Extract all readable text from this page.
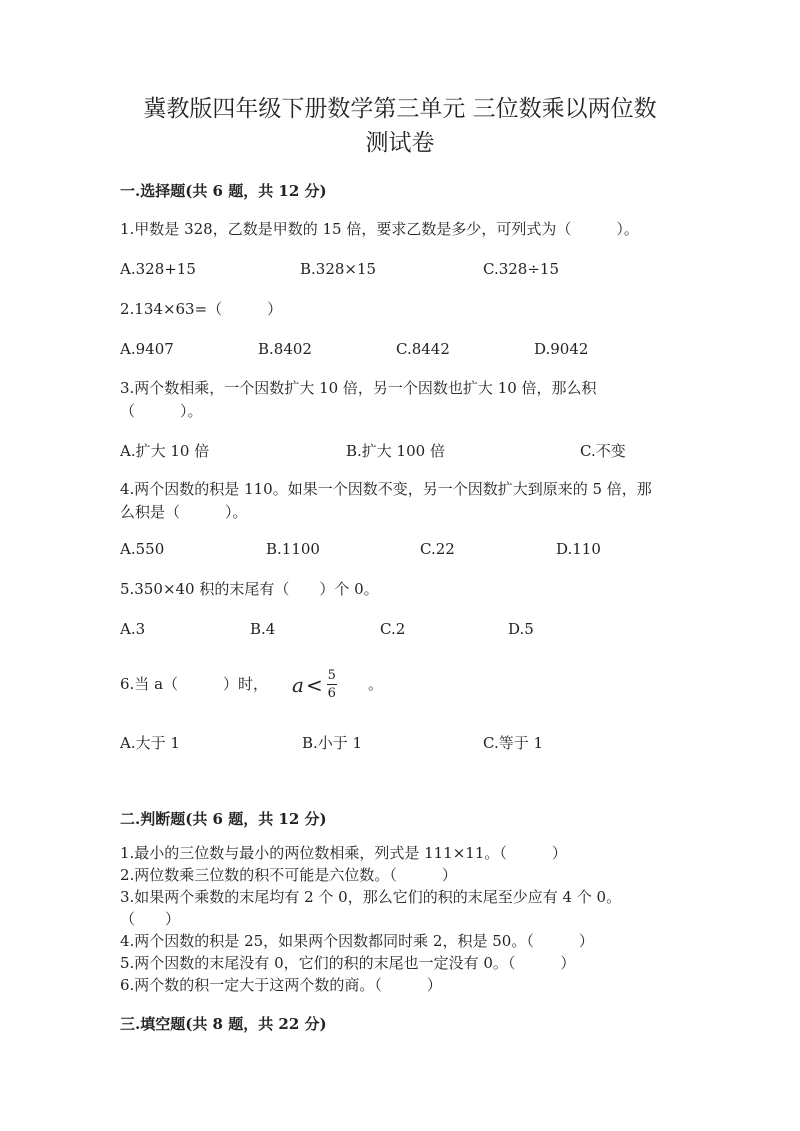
冀教版四年级下册数学第三单元 三位数乘以两位数
测试卷
一.选择题(共 6 题，共 12 分)
1.甲数是 328，乙数是甲数的 15 倍，要求乙数是多少，可列式为（　　　）。
A.328+15	B.328×15	C.328÷15
2.134×63=（　　　）
A.9407	B.8402	C.8442	D.9042
3.两个数相乘，一个因数扩大 10 倍，另一个因数也扩大 10 倍，那么积（　　　）。
A.扩大 10 倍	B.扩大 100 倍	C.不变
4.两个因数的积是 110。如果一个因数不变，另一个因数扩大到原来的 5 倍，那么积是（　　　）。
A.550	B.1100	C.22	D.110
5.350×40 积的末尾有（　　）个 0。
A.3	B.4	C.2	D.5
6.当 a（　　　）时，	$a < \frac{5}{6}$ 。
A.大于 1	B.小于 1	C.等于 1
二.判断题(共 6 题，共 12 分)
1.最小的三位数与最小的两位数相乘，列式是 111×11。（　　　）
2.两位数乘三位数的积不可能是六位数。（　　　）
3.如果两个乘数的末尾均有 2 个 0，那么它们的积的末尾至少应有 4 个 0。（　　）
4.两个因数的积是 25，如果两个因数都同时乘 2，积是 50。（　　　）
5.两个因数的末尾没有 0，它们的积的末尾也一定没有 0。（　　　）
6.两个数的积一定大于这两个数的商。（　　　）
三.填空题(共 8 题，共 22 分)
